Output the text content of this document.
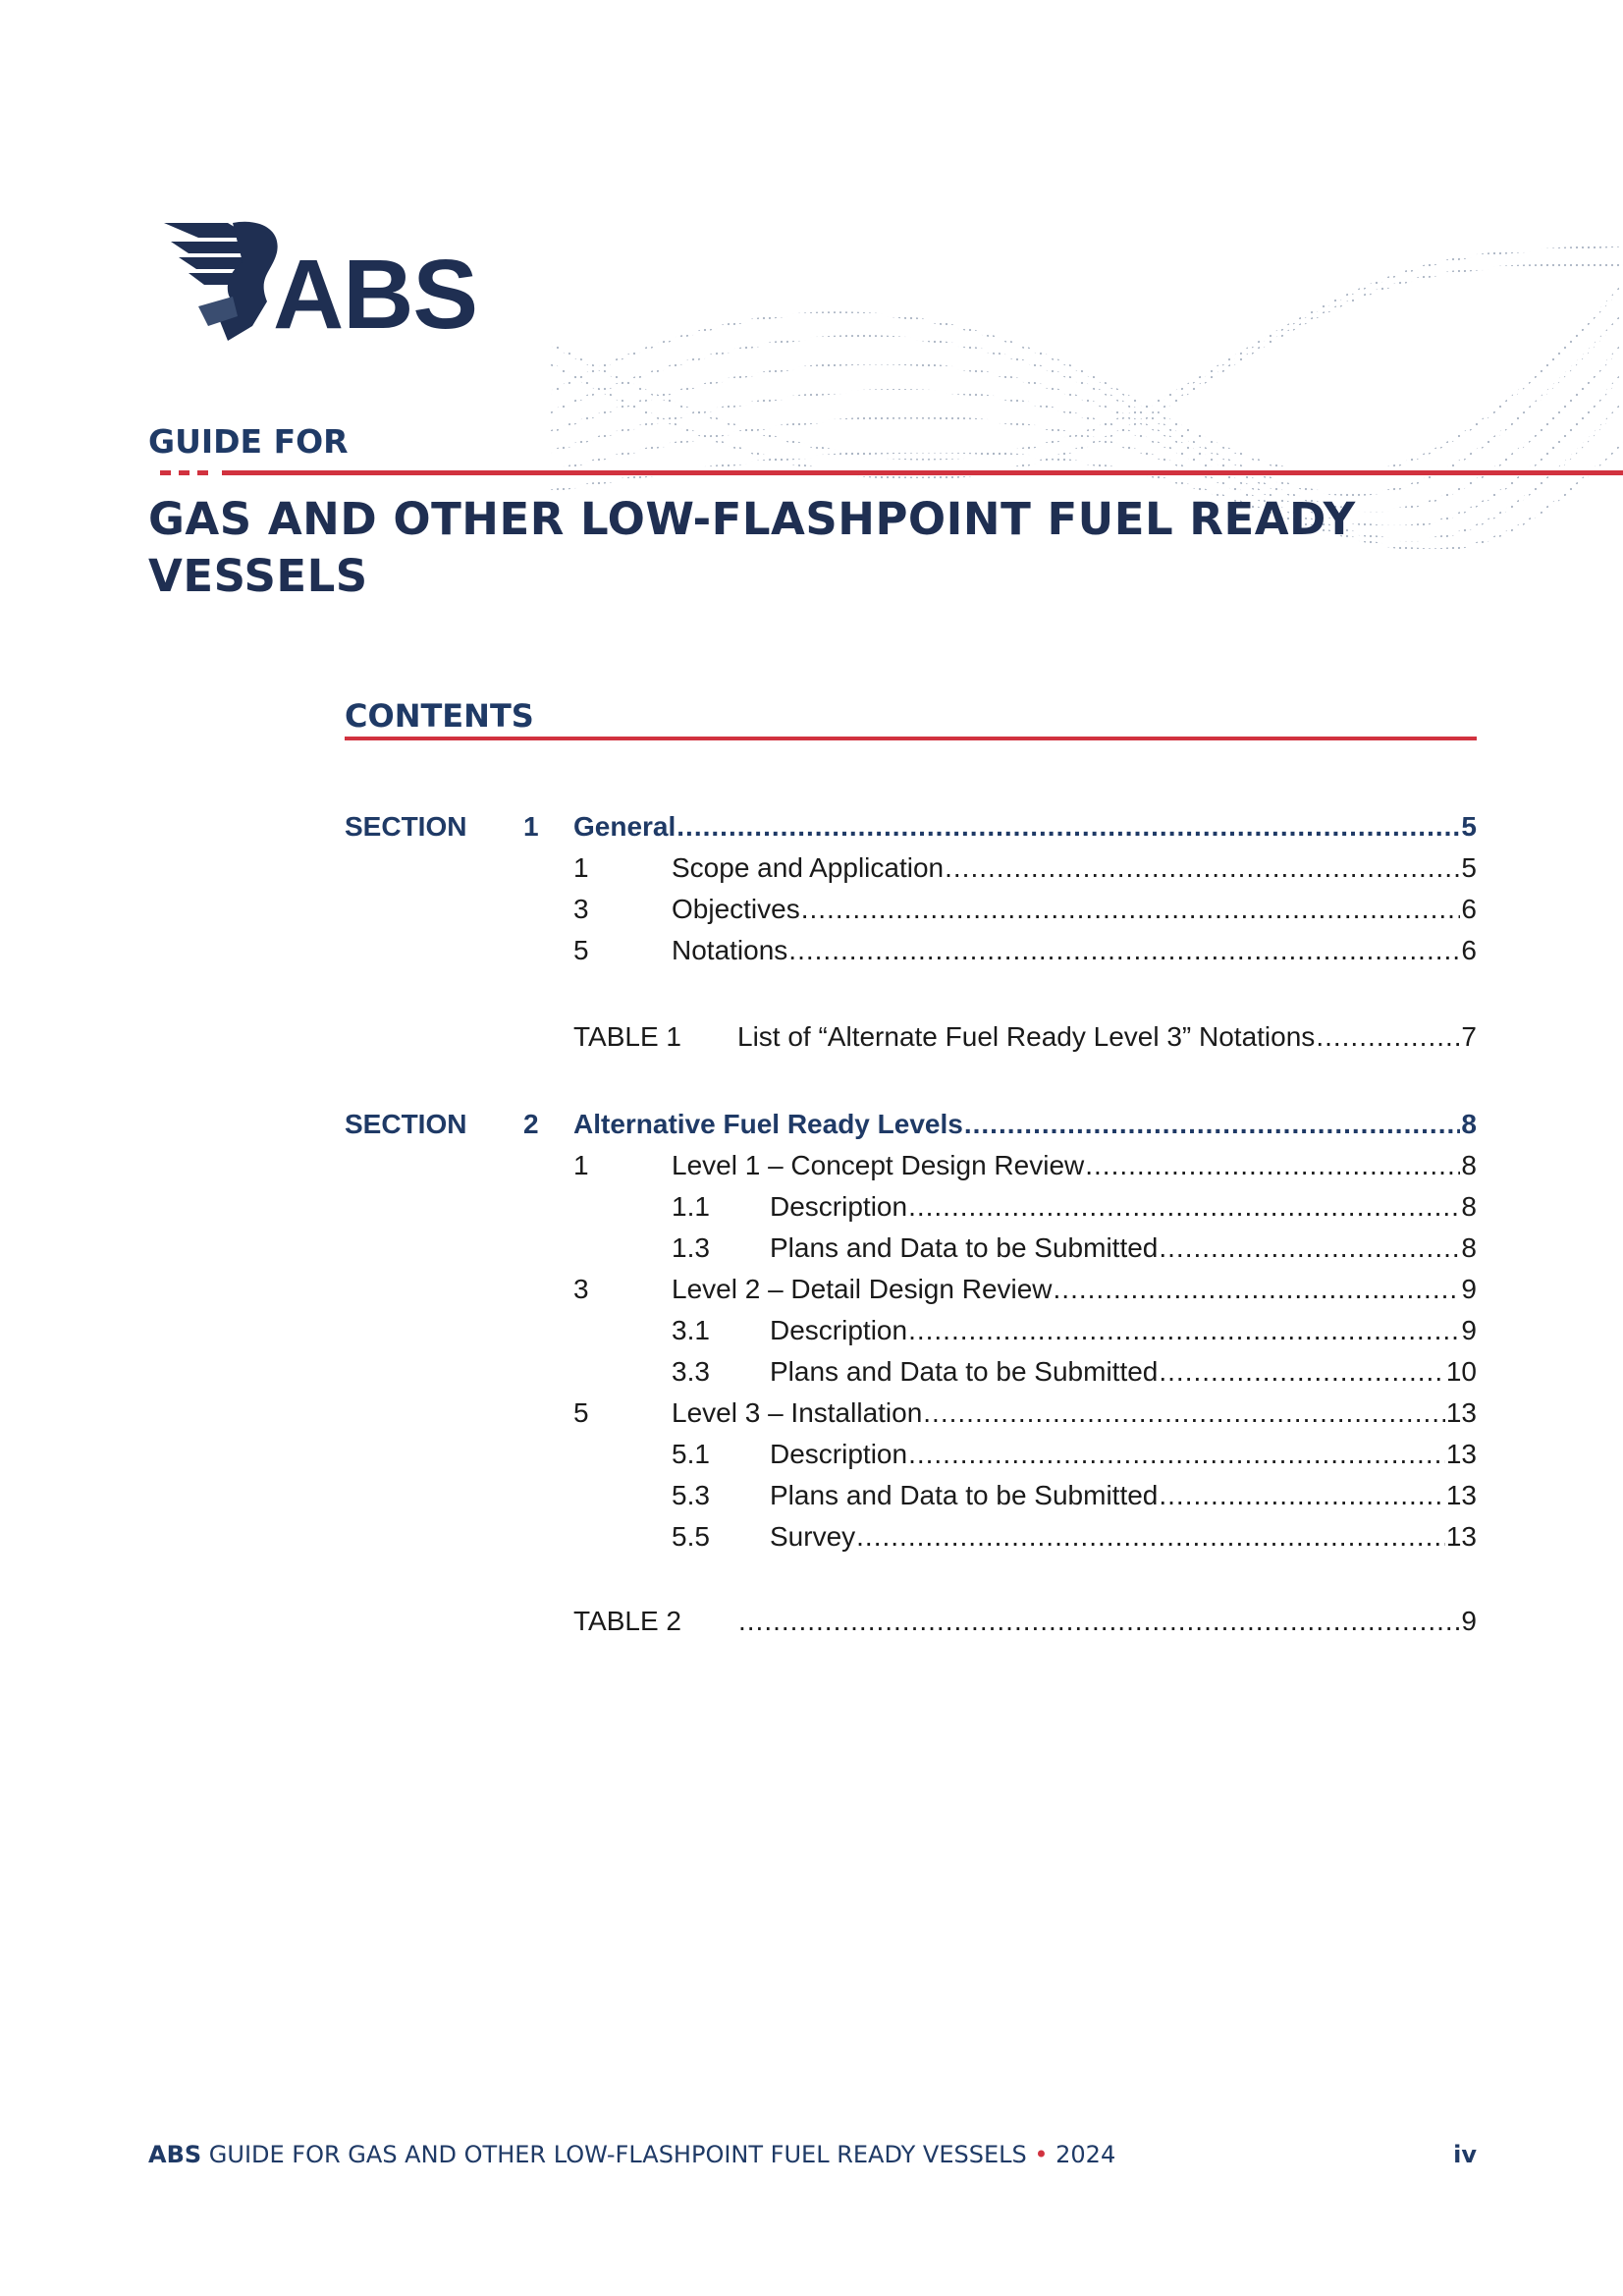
ABS
GUIDE FOR
GAS AND OTHER LOW-FLASHPOINT FUEL READY
VESSELS
CONTENTS
SECTION 1 General .....	5
1	Scope and Application .....	5
3	Objectives .....	6
5	Notations .....	6
TABLE 1 List of “Alternate Fuel Ready Level 3” Notations .....	7
SECTION 2 Alternative Fuel Ready Levels .....	8
1	Level 1 – Concept Design Review .....	8
1.1 Description .....	8
1.3 Plans and Data to be Submitted .....	8
3	Level 2 – Detail Design Review .....	9
3.1 Description .....	9
3.3 Plans and Data to be Submitted .....	10
5	Level 3 – Installation .....	13
5.1 Description .....	13
5.3 Plans and Data to be Submitted .....	13
5.5 Survey .....	13
TABLE 2 .....	9
ABS GUIDE FOR GAS AND OTHER LOW-FLASHPOINT FUEL READY VESSELS • 2024	iv
